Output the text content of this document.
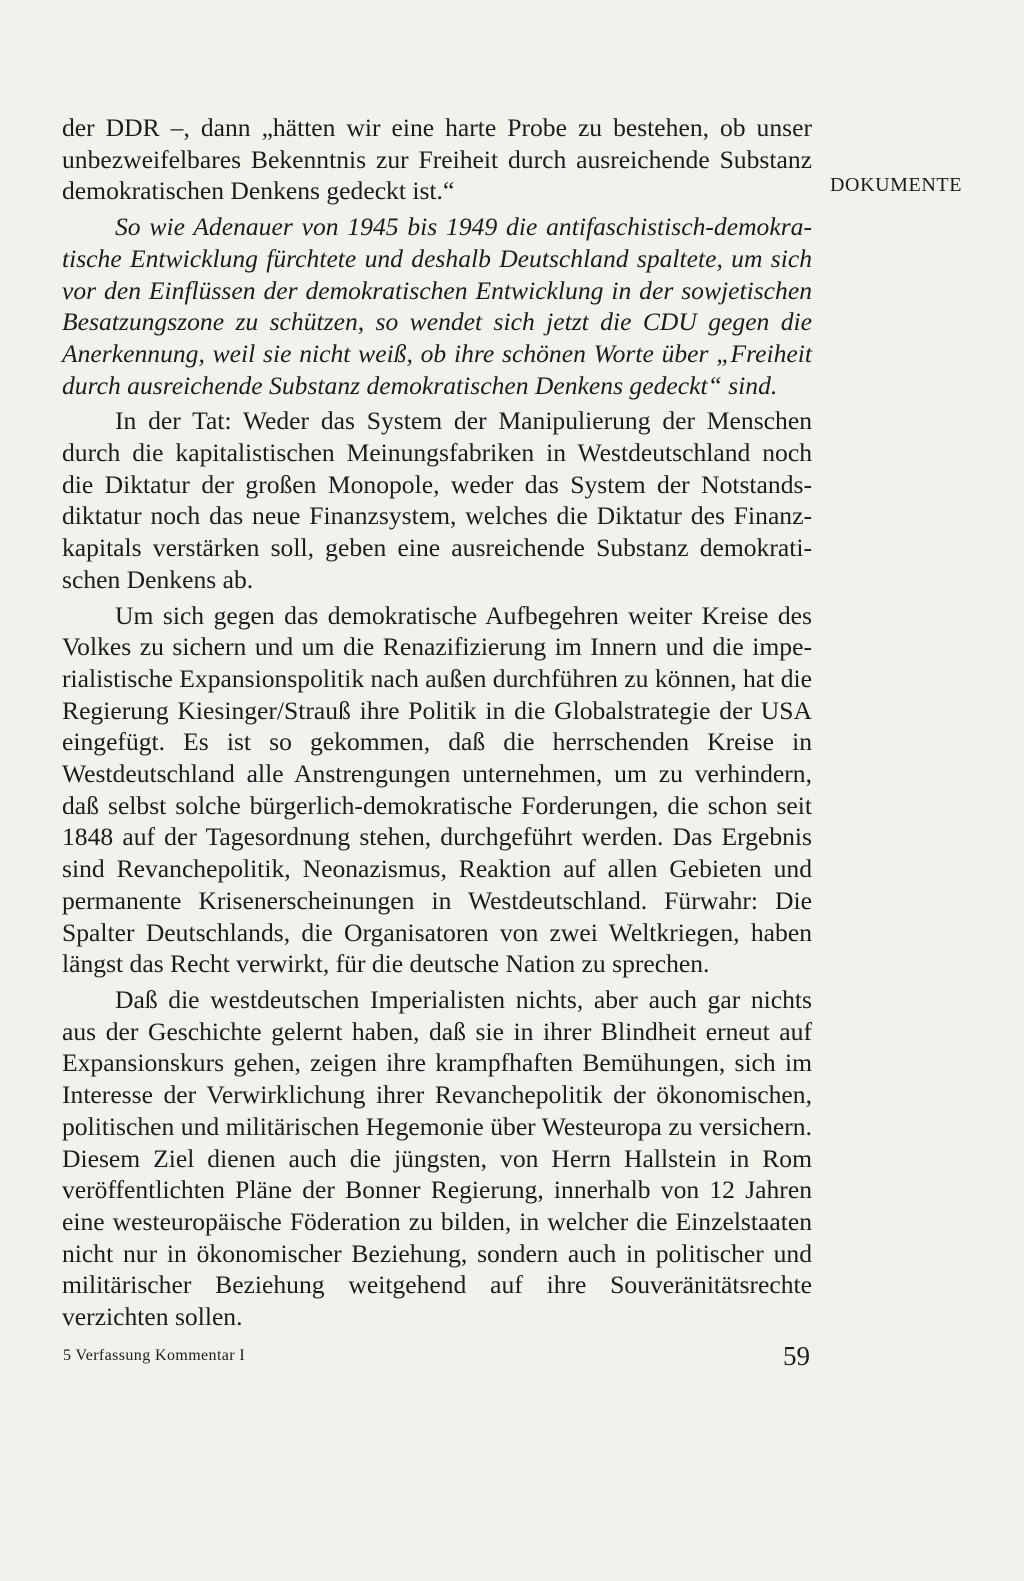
der DDR –, dann „hätten wir eine harte Probe zu bestehen, ob unser unbezweifelbares Bekenntnis zur Freiheit durch ausreichende Substanz demokratischen Denkens gedeckt ist.“

So wie Adenauer von 1945 bis 1949 die antifaschistisch-demokratische Entwicklung fürchtete und deshalb Deutschland spaltete, um sich vor den Einflüssen der demokratischen Entwicklung in der sowjetischen Besatzungszone zu schützen, so wendet sich jetzt die CDU gegen die Anerkennung, weil sie nicht weiß, ob ihre schönen Worte über „Freiheit durch ausreichende Substanz demokratischen Denkens gedeckt“ sind.

In der Tat: Weder das System der Manipulierung der Menschen durch die kapitalistischen Meinungsfabriken in Westdeutschland noch die Diktatur der großen Monopole, weder das System der Notstandsdiktatur noch das neue Finanzsystem, welches die Diktatur des Finanzkapitals verstärken soll, geben eine ausreichende Substanz demokratischen Denkens ab.

Um sich gegen das demokratische Aufbegehren weiter Kreise des Volkes zu sichern und um die Renazifizierung im Innern und die imperialistische Expansionspolitik nach außen durchführen zu können, hat die Regierung Kiesinger/Strauß ihre Politik in die Globalstrategie der USA eingefügt. Es ist so gekommen, daß die herrschenden Kreise in Westdeutschland alle Anstrengungen unternehmen, um zu verhindern, daß selbst solche bürgerlich-demokratische Forderungen, die schon seit 1848 auf der Tagesordnung stehen, durchgeführt werden. Das Ergebnis sind Revanchepolitik, Neonazismus, Reaktion auf allen Gebieten und permanente Krisenerscheinungen in Westdeutschland. Fürwahr: Die Spalter Deutschlands, die Organisatoren von zwei Weltkriegen, haben längst das Recht verwirkt, für die deutsche Nation zu sprechen.

Daß die westdeutschen Imperialisten nichts, aber auch gar nichts aus der Geschichte gelernt haben, daß sie in ihrer Blindheit erneut auf Expansionskurs gehen, zeigen ihre krampfhaften Bemühungen, sich im Interesse der Verwirklichung ihrer Revanchepolitik der ökonomischen, politischen und militärischen Hegemonie über Westeuropa zu versichern. Diesem Ziel dienen auch die jüngsten, von Herrn Hallstein in Rom veröffentlichten Pläne der Bonner Regierung, innerhalb von 12 Jahren eine westeuropäische Föderation zu bilden, in welcher die Einzelstaaten nicht nur in ökonomischer Beziehung, sondern auch in politischer und militärischer Beziehung weitgehend auf ihre Souveränitätsrechte verzichten sollen.

DOKUMENTE
5 Verfassung Kommentar I	59
